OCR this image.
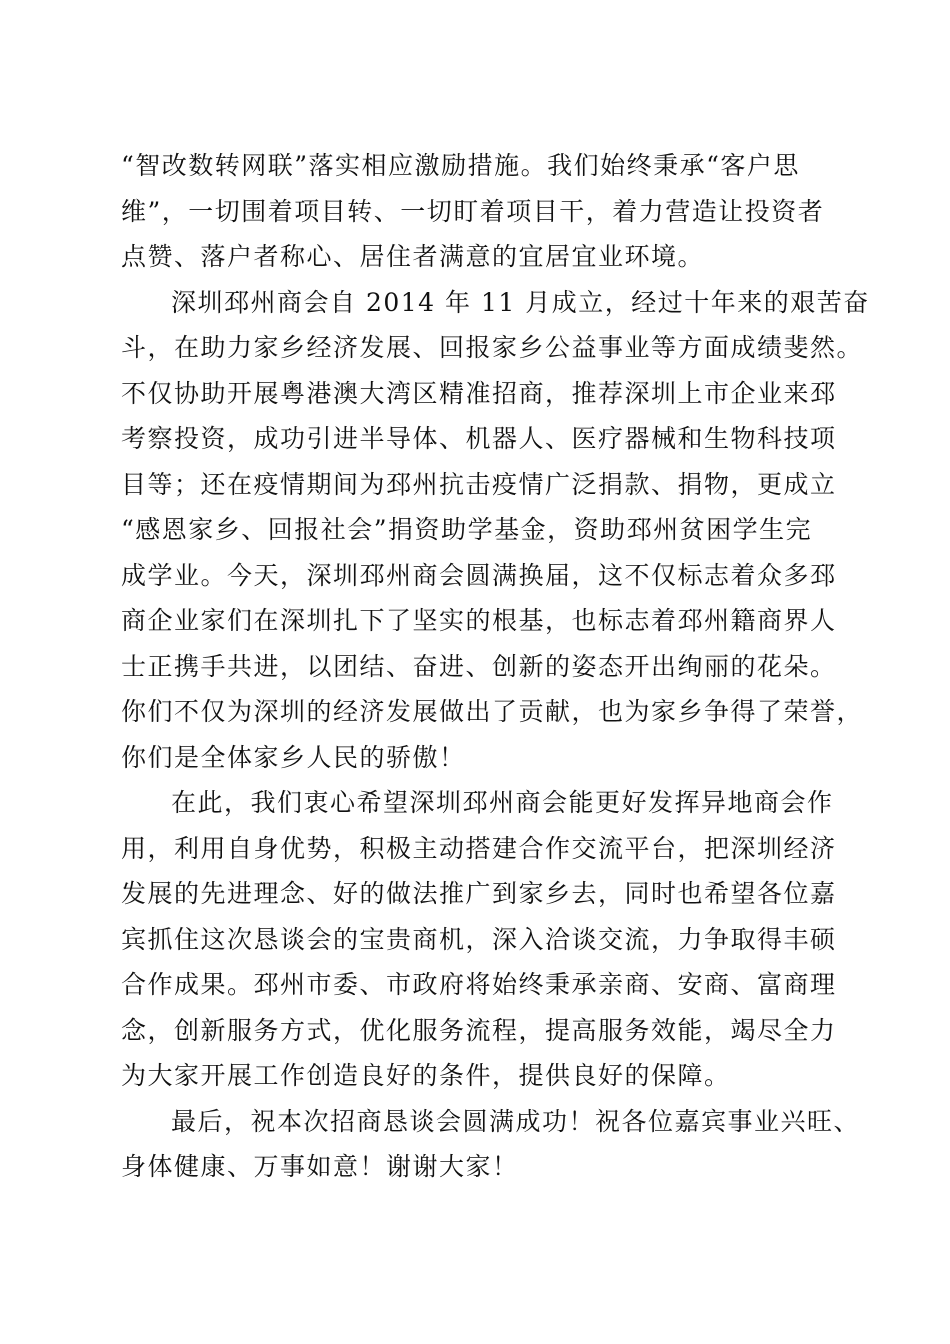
“智改数转网联”落实相应激励措施。我们始终秉承“客户思
维”，一切围着项目转、一切盯着项目干，着力营造让投资者
点赞、落户者称心、居住者满意的宜居宜业环境。
深圳邳州商会自 2014 年 11 月成立，经过十年来的艰苦奋
斗，在助力家乡经济发展、回报家乡公益事业等方面成绩斐然。
不仅协助开展粤港澳大湾区精准招商，推荐深圳上市企业来邳
考察投资，成功引进半导体、机器人、医疗器械和生物科技项
目等；还在疫情期间为邳州抗击疫情广泛捐款、捐物，更成立
“感恩家乡、回报社会”捐资助学基金，资助邳州贫困学生完
成学业。今天，深圳邳州商会圆满换届，这不仅标志着众多邳
商企业家们在深圳扎下了坚实的根基，也标志着邳州籍商界人
士正携手共进，以团结、奋进、创新的姿态开出绚丽的花朵。
你们不仅为深圳的经济发展做出了贡献，也为家乡争得了荣誉，
你们是全体家乡人民的骄傲！
在此，我们衷心希望深圳邳州商会能更好发挥异地商会作
用，利用自身优势，积极主动搭建合作交流平台，把深圳经济
发展的先进理念、好的做法推广到家乡去，同时也希望各位嘉
宾抓住这次恳谈会的宝贵商机，深入洽谈交流，力争取得丰硕
合作成果。邳州市委、市政府将始终秉承亲商、安商、富商理
念，创新服务方式，优化服务流程，提高服务效能，竭尽全力
为大家开展工作创造良好的条件，提供良好的保障。
最后，祝本次招商恳谈会圆满成功！祝各位嘉宾事业兴旺、
身体健康、万事如意！谢谢大家！
